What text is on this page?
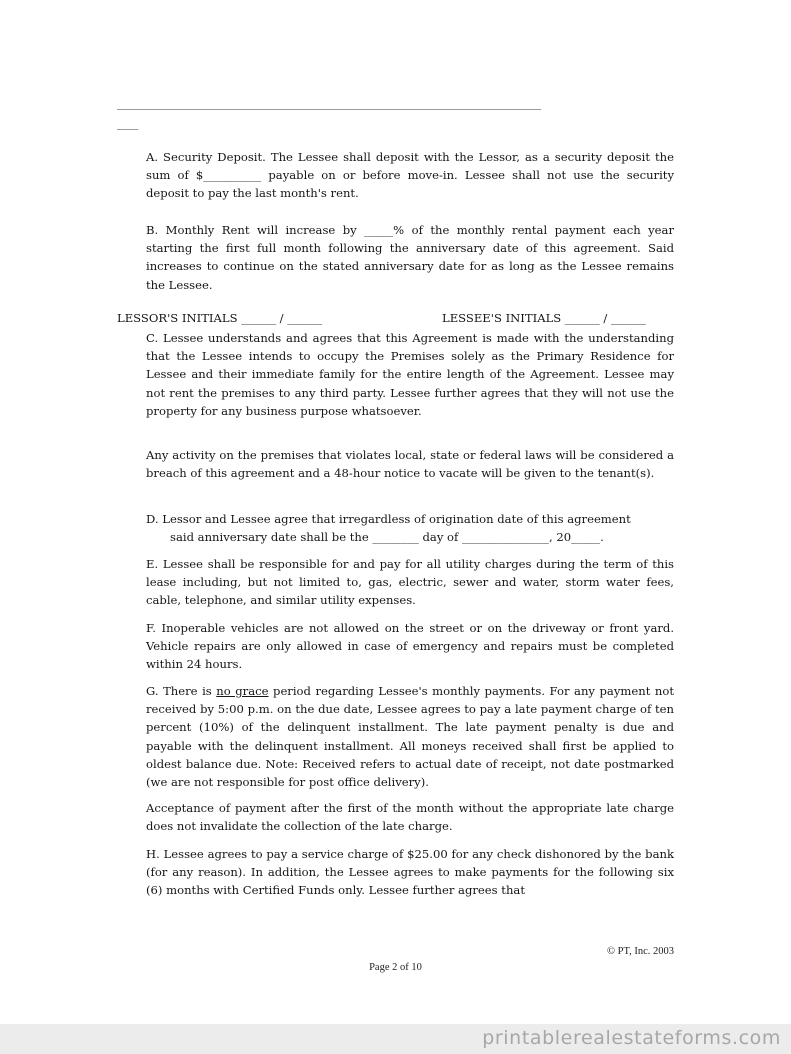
________________________________________________________________________________
____

A. Security Deposit. The Lessee shall deposit with the Lessor, as a security deposit the sum of $__________ payable on or before move-in. Lessee shall not use the security deposit to pay the last month's rent.

B. Monthly Rent will increase by _____% of the monthly rental payment each year starting the first full month following the anniversary date of this agreement. Said increases to continue on the stated anniversary date for as long as the Lessee remains the Lessee.

LESSOR'S INITIALS ______ / ______	LESSEE'S INITIALS ______ / ______

C. Lessee understands and agrees that this Agreement is made with the understanding that the Lessee intends to occupy the Premises solely as the Primary Residence for Lessee and their immediate family for the entire length of the Agreement. Lessee may not rent the premises to any third party. Lessee further agrees that they will not use the property for any business purpose whatsoever.

Any activity on the premises that violates local, state or federal laws will be considered a breach of this agreement and a 48-hour notice to vacate will be given to the tenant(s).

D. Lessor and Lessee agree that irregardless of origination date of this agreement

said anniversary date shall be the ________ day of _______________, 20_____.

E. Lessee shall be responsible for and pay for all utility charges during the term of this lease including, but not limited to, gas, electric, sewer and water, storm water fees, cable, telephone, and similar utility expenses.

F. Inoperable vehicles are not allowed on the street or on the driveway or front yard. Vehicle repairs are only allowed in case of emergency and repairs must be completed within 24 hours.

G. There is no grace period regarding Lessee's monthly payments. For any payment not received by 5:00 p.m. on the due date, Lessee agrees to pay a late payment charge of ten percent (10%) of the delinquent installment. The late payment penalty is due and payable with the delinquent installment. All moneys received shall first be applied to oldest balance due. Note: Received refers to actual date of receipt, not date postmarked (we are not responsible for post office delivery).

Acceptance of payment after the first of the month without the appropriate late charge does not invalidate the collection of the late charge.

H. Lessee agrees to pay a service charge of $25.00 for any check dishonored by the bank (for any reason). In addition, the Lessee agrees to make payments for the following six (6) months with Certified Funds only. Lessee further agrees that

© PT, Inc. 2003
Page 2 of 10
printablerealestateforms.com
